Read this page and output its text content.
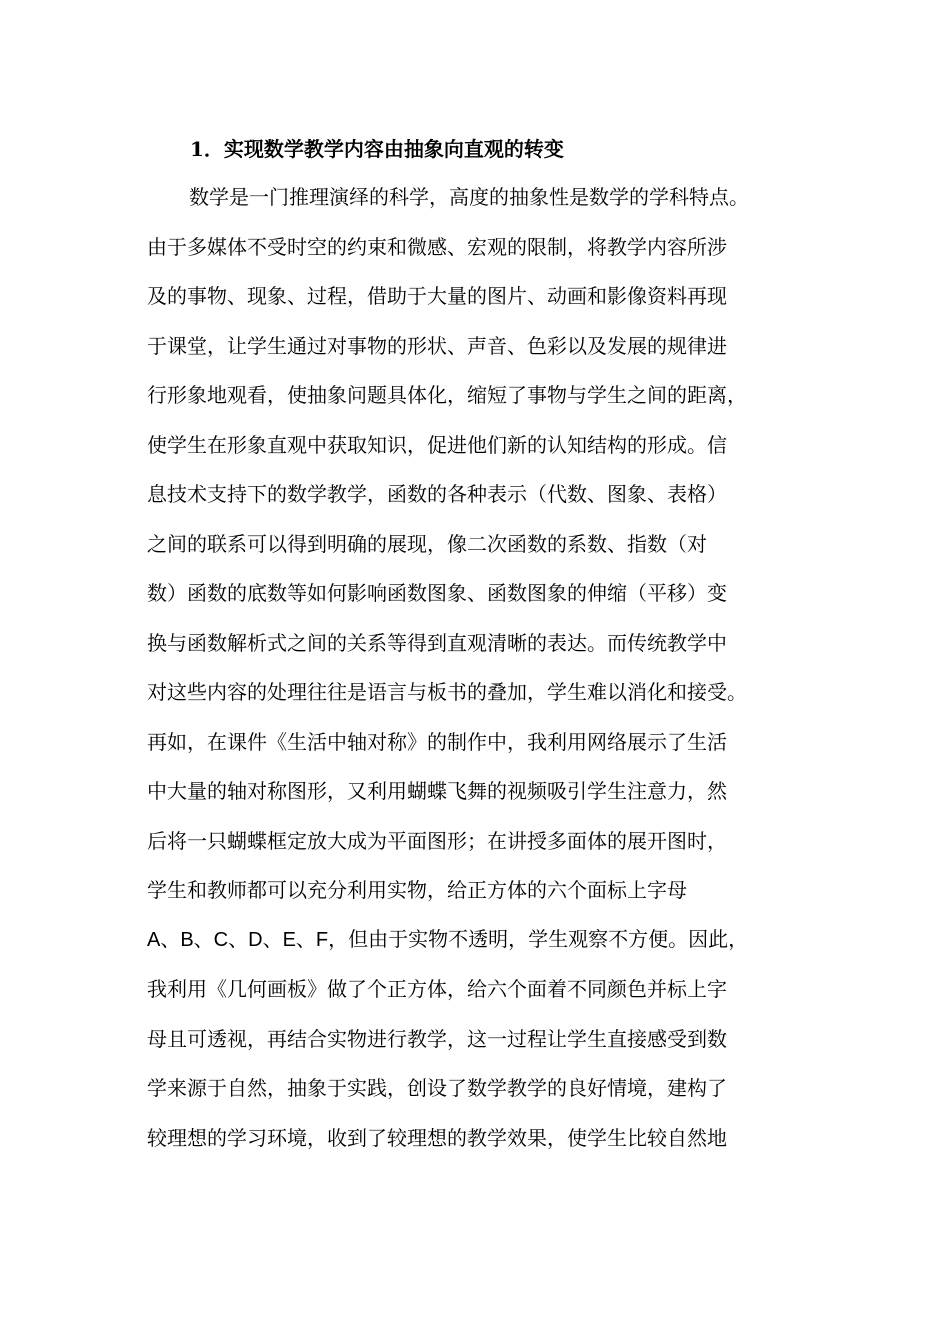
1．实现数学教学内容由抽象向直观的转变
数学是一门推理演绎的科学，高度的抽象性是数学的学科特点。
由于多媒体不受时空的约束和微感、宏观的限制，将教学内容所涉
及的事物、现象、过程，借助于大量的图片、动画和影像资料再现
于课堂，让学生通过对事物的形状、声音、色彩以及发展的规律进
行形象地观看，使抽象问题具体化，缩短了事物与学生之间的距离，
使学生在形象直观中获取知识，促进他们新的认知结构的形成。信
息技术支持下的数学教学，函数的各种表示（代数、图象、表格）
之间的联系可以得到明确的展现，像二次函数的系数、指数（对
数）函数的底数等如何影响函数图象、函数图象的伸缩（平移）变
换与函数解析式之间的关系等得到直观清晰的表达。而传统教学中
对这些内容的处理往往是语言与板书的叠加，学生难以消化和接受。
再如，在课件《生活中轴对称》的制作中，我利用网络展示了生活
中大量的轴对称图形，又利用蝴蝶飞舞的视频吸引学生注意力，然
后将一只蝴蝶框定放大成为平面图形；在讲授多面体的展开图时，
学生和教师都可以充分利用实物，给正方体的六个面标上字母
A、B、C、D、E、F，但由于实物不透明，学生观察不方便。因此，
我利用《几何画板》做了个正方体，给六个面着不同颜色并标上字
母且可透视，再结合实物进行教学，这一过程让学生直接感受到数
学来源于自然，抽象于实践，创设了数学教学的良好情境，建构了
较理想的学习环境，收到了较理想的教学效果，使学生比较自然地
